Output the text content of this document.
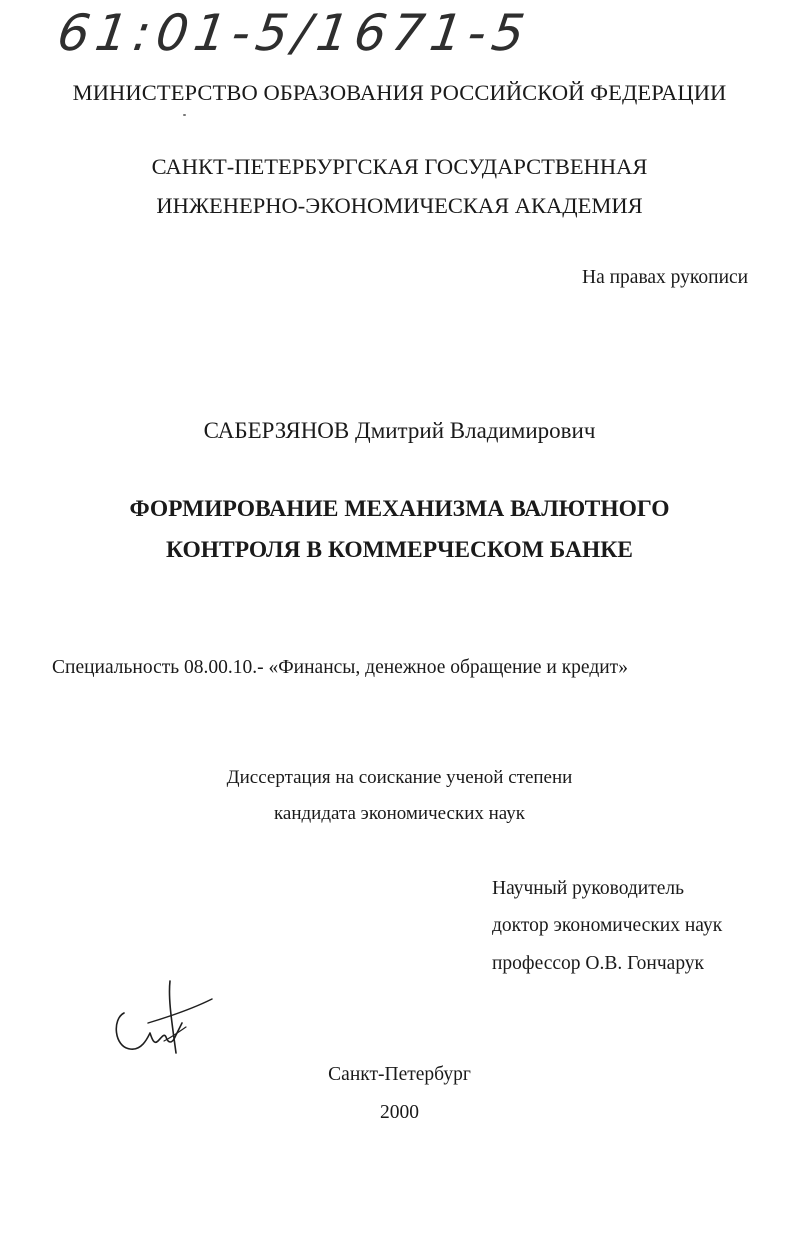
61:01-5/1671-5
МИНИСТЕРСТВО ОБРАЗОВАНИЯ РОССИЙСКОЙ ФЕДЕРАЦИИ
САНКТ-ПЕТЕРБУРГСКАЯ ГОСУДАРСТВЕННАЯ
ИНЖЕНЕРНО-ЭКОНОМИЧЕСКАЯ АКАДЕМИЯ
На правах рукописи
САБЕРЗЯНОВ Дмитрий Владимирович
ФОРМИРОВАНИЕ МЕХАНИЗМА ВАЛЮТНОГО
КОНТРОЛЯ В КОММЕРЧЕСКОМ БАНКЕ
Специальность 08.00.10.- «Финансы, денежное обращение и кредит»
Диссертация на соискание ученой степени
кандидата экономических наук
Научный руководитель
доктор экономических наук
профессор О.В. Гончарук
Санкт-Петербург
2000
